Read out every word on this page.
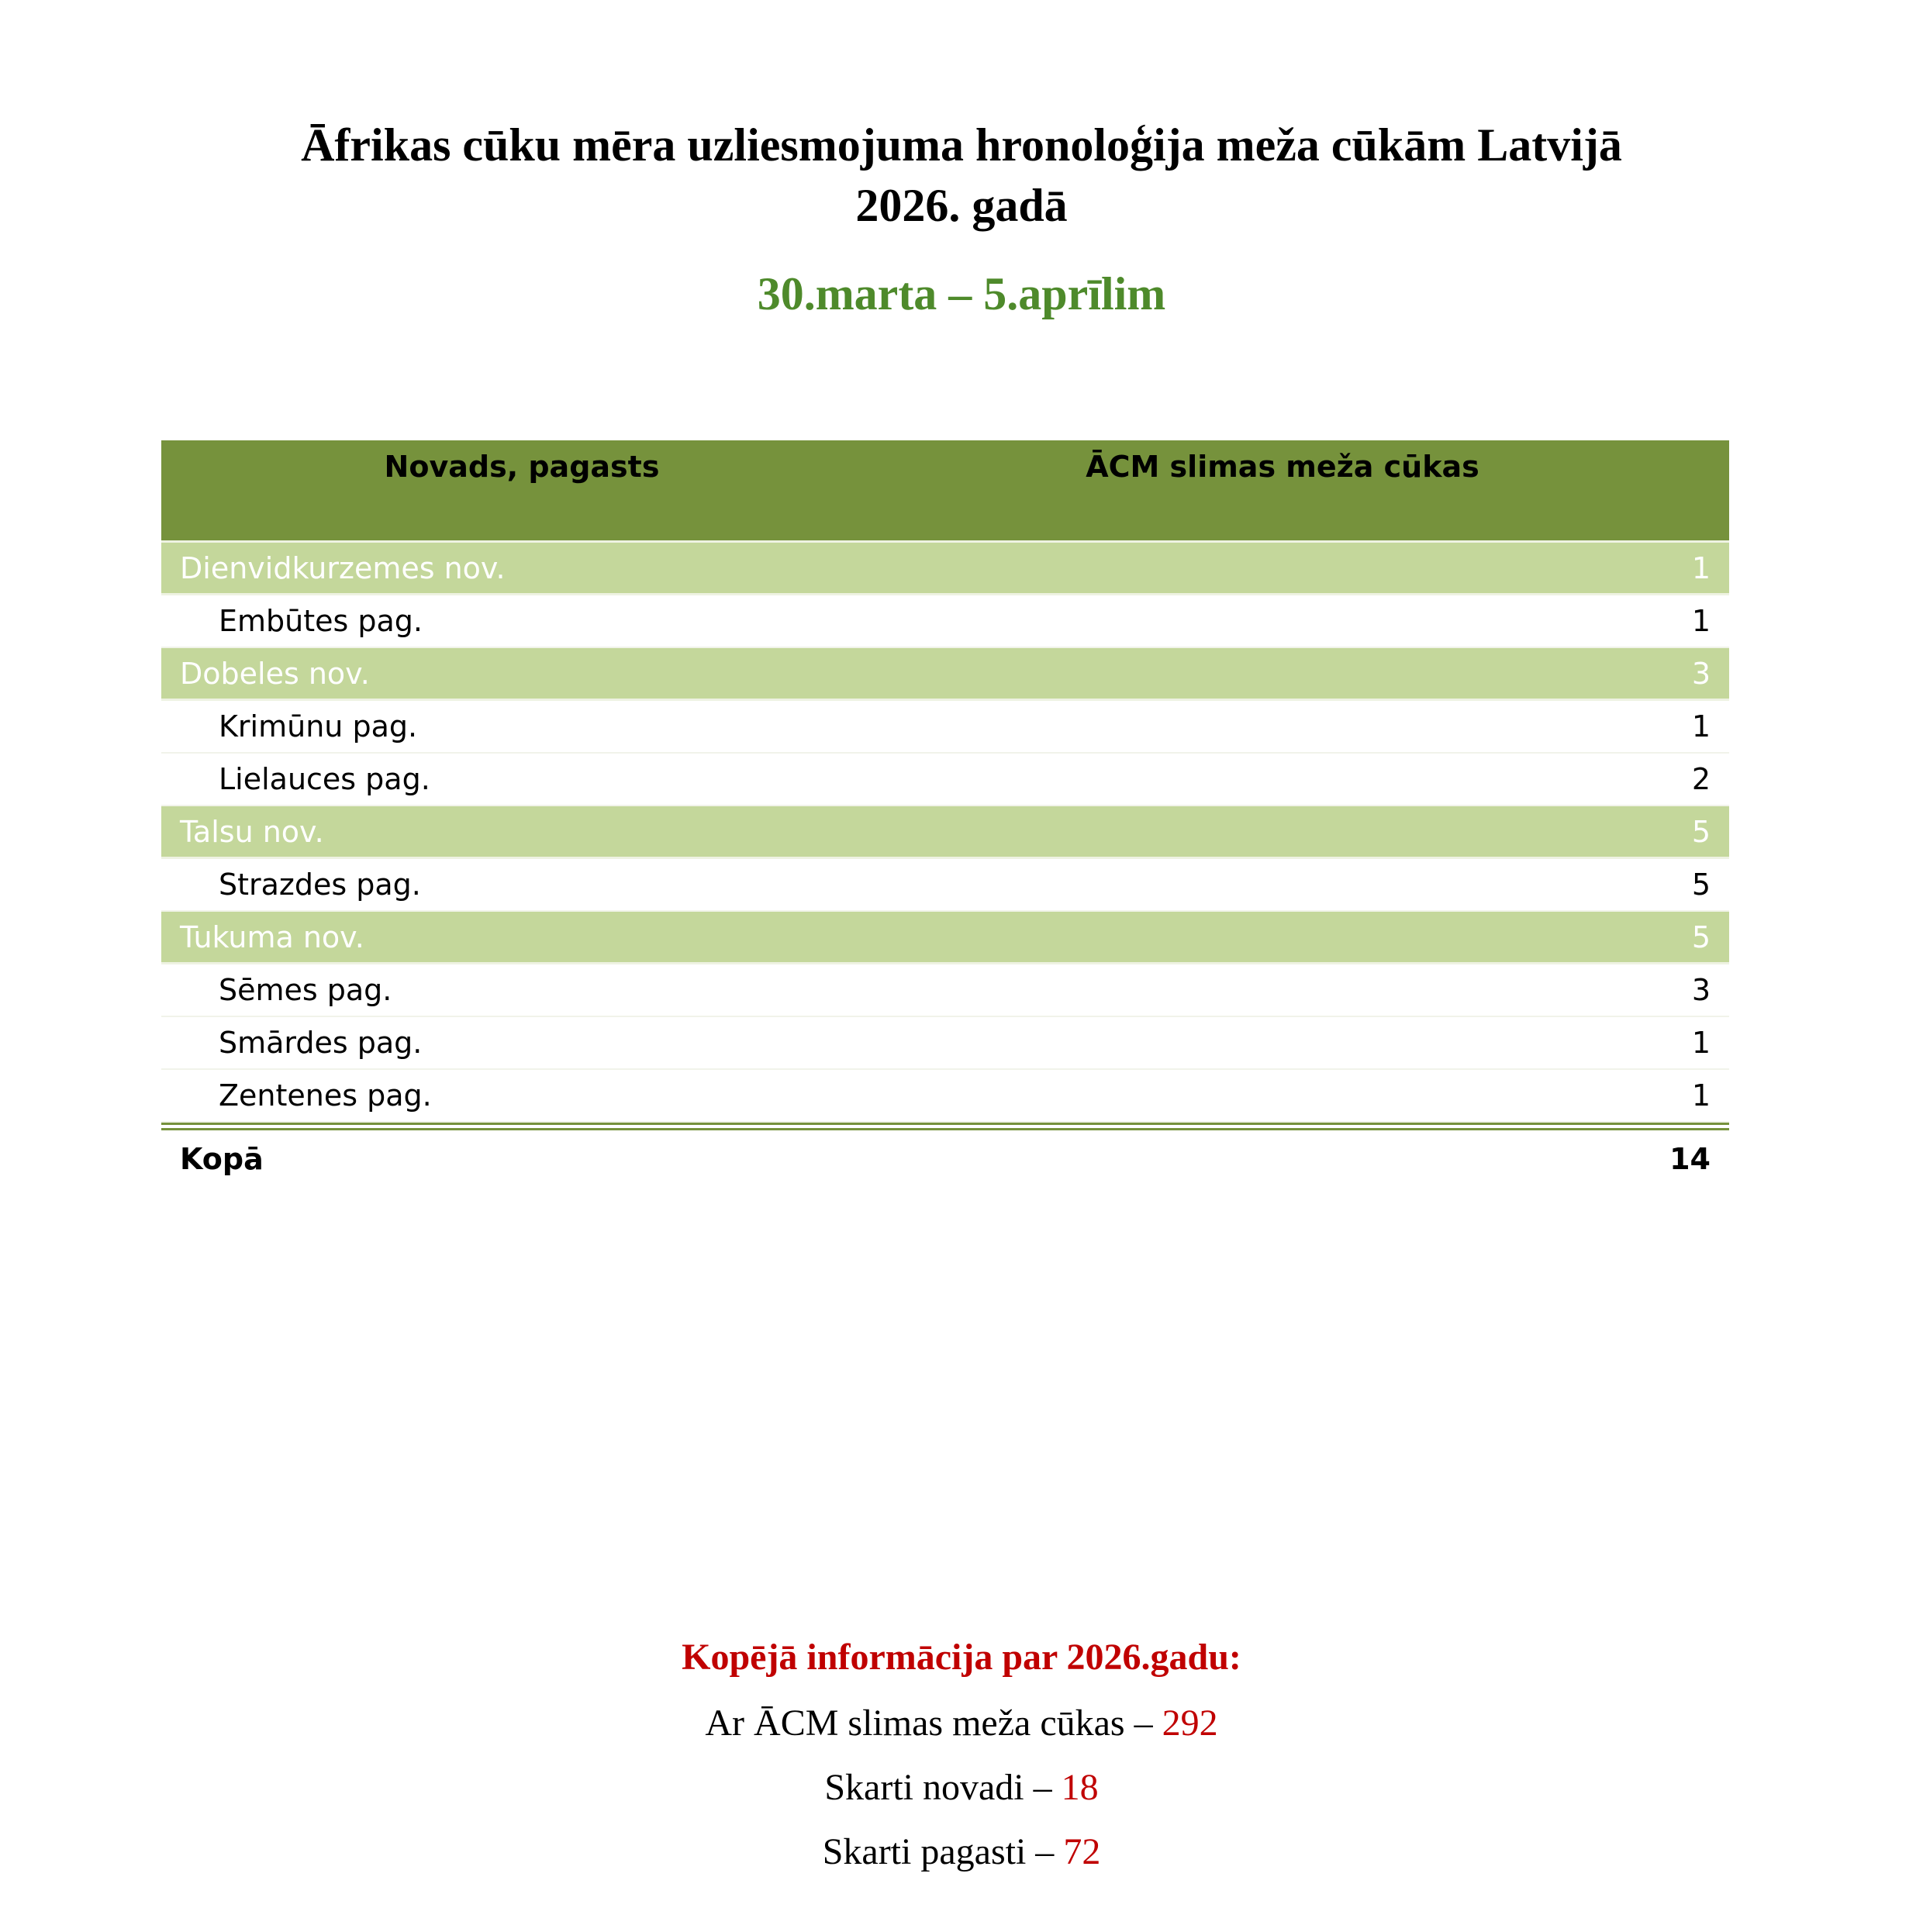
Āfrikas cūku mēra uzliesmojuma hronoloģija meža cūkām Latvijā
2026. gadā
30.marta – 5.aprīlim
Novads, pagasts	ĀCM slimas meža cūkas
Dienvidkurzemes nov.	1
Embūtes pag.	1
Dobeles nov.	3
Krimūnu pag.	1
Lielauces pag.	2
Talsu nov.	5
Strazdes pag.	5
Tukuma nov.	5
Sēmes pag.	3
Smārdes pag.	1
Zentenes pag.	1
Kopā	14
Kopējā informācija par 2026.gadu:
Ar ĀCM slimas meža cūkas – 292
Skarti novadi – 18
Skarti pagasti – 72
